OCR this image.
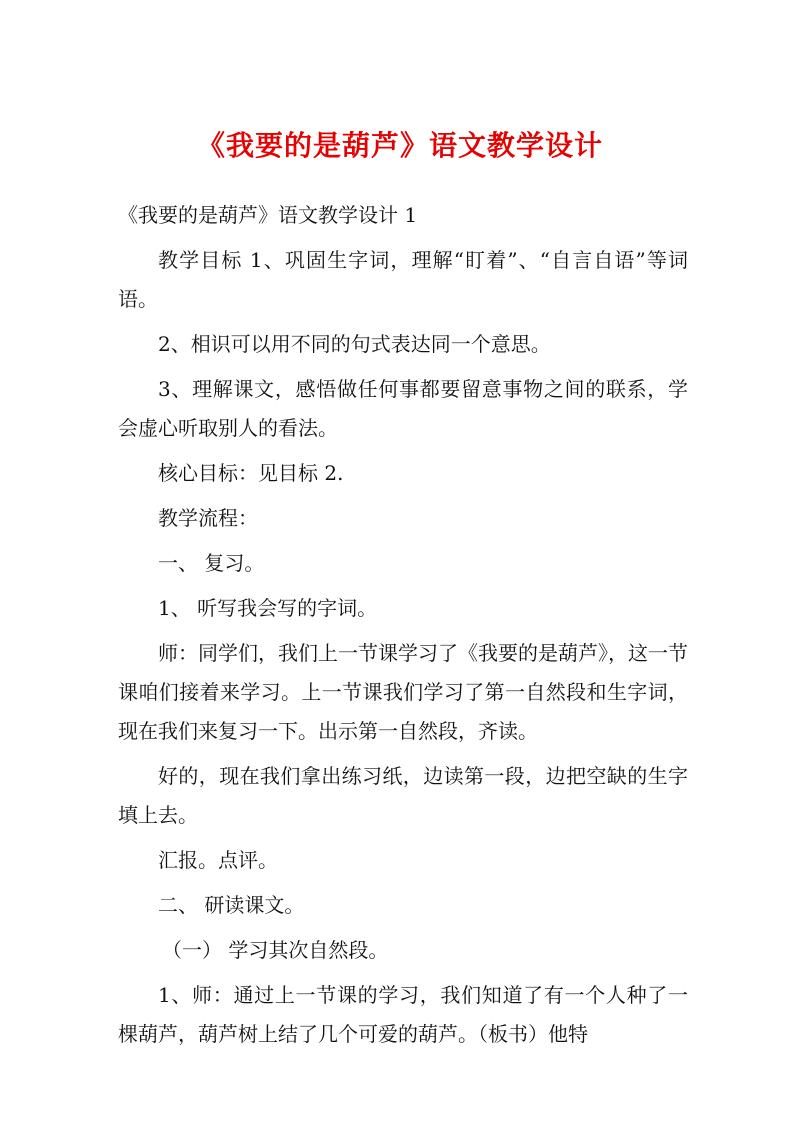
《我要的是葫芦》语文教学设计

《我要的是葫芦》语文教学设计 1

教学目标 1、巩固生字词，理解“盯着”、“自言自语”等词语。

2、相识可以用不同的句式表达同一个意思。

3、理解课文，感悟做任何事都要留意事物之间的联系，学会虚心听取别人的看法。

核心目标：见目标 2.

教学流程：

一、 复习。

1、 听写我会写的字词。

师：同学们，我们上一节课学习了《我要的是葫芦》，这一节课咱们接着来学习。上一节课我们学习了第一自然段和生字词，现在我们来复习一下。出示第一自然段，齐读。

好的，现在我们拿出练习纸，边读第一段，边把空缺的生字填上去。

汇报。点评。

二、 研读课文。

（一） 学习其次自然段。

1、师：通过上一节课的学习，我们知道了有一个人种了一棵葫芦，葫芦树上结了几个可爱的葫芦。（板书）他特
